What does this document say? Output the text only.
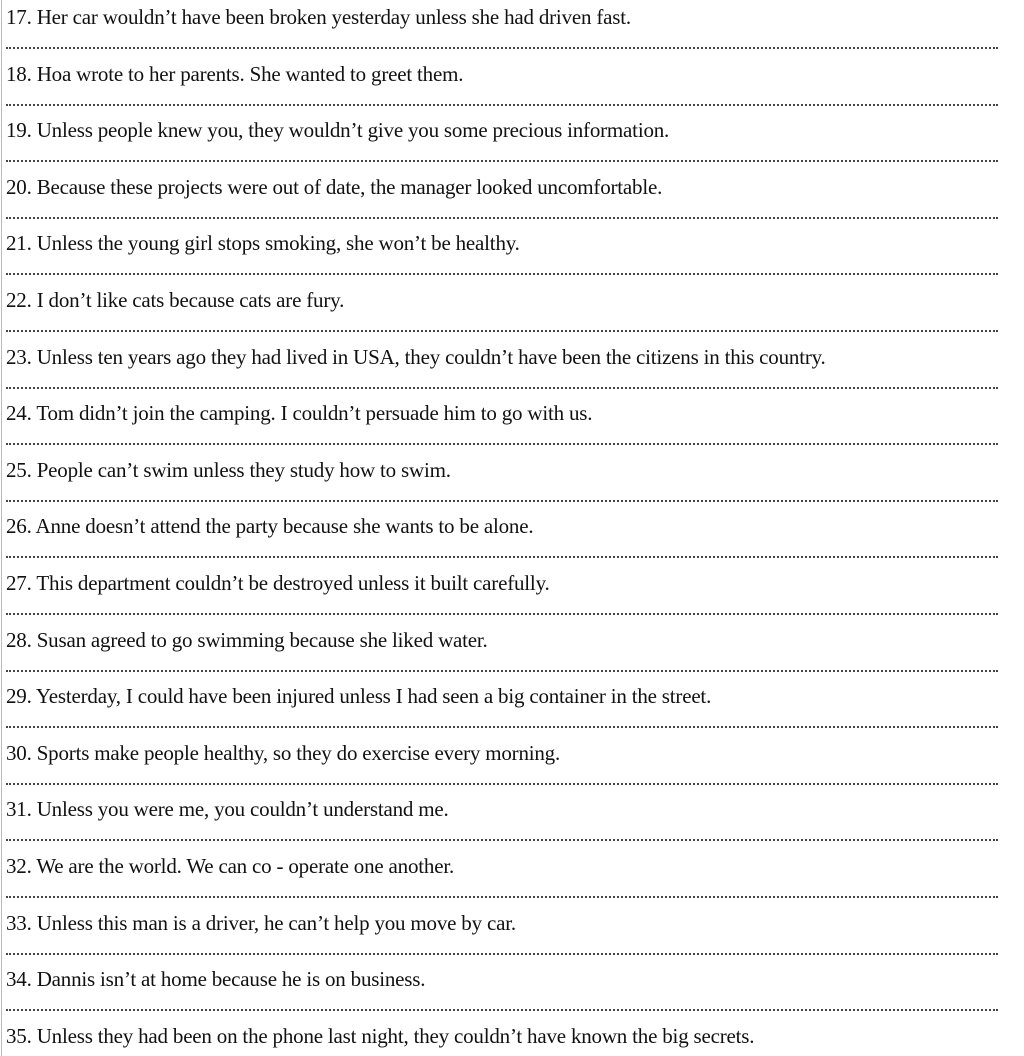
17. Her car wouldn’t have been broken yesterday unless she had driven fast.
18. Hoa wrote to her parents. She wanted to greet them.
19. Unless people knew you, they wouldn’t give you some precious information.
20. Because these projects were out of date, the manager looked uncomfortable.
21. Unless the young girl stops smoking, she won’t be healthy.
22. I don’t like cats because cats are fury.
23. Unless ten years ago they had lived in USA, they couldn’t have been the citizens in this country.
24. Tom didn’t join the camping. I couldn’t persuade him to go with us.
25. People can’t swim unless they study how to swim.
26. Anne doesn’t attend the party because she wants to be alone.
27. This department couldn’t be destroyed unless it built carefully.
28. Susan agreed to go swimming because she liked water.
29. Yesterday, I could have been injured unless I had seen a big container in the street.
30. Sports make people healthy, so they do exercise every morning.
31. Unless you were me, you couldn’t understand me.
32. We are the world. We can co - operate one another.
33. Unless this man is a driver, he can’t help you move by car.
34. Dannis isn’t at home because he is on business.
35. Unless they had been on the phone last night, they couldn’t have known the big secrets.
